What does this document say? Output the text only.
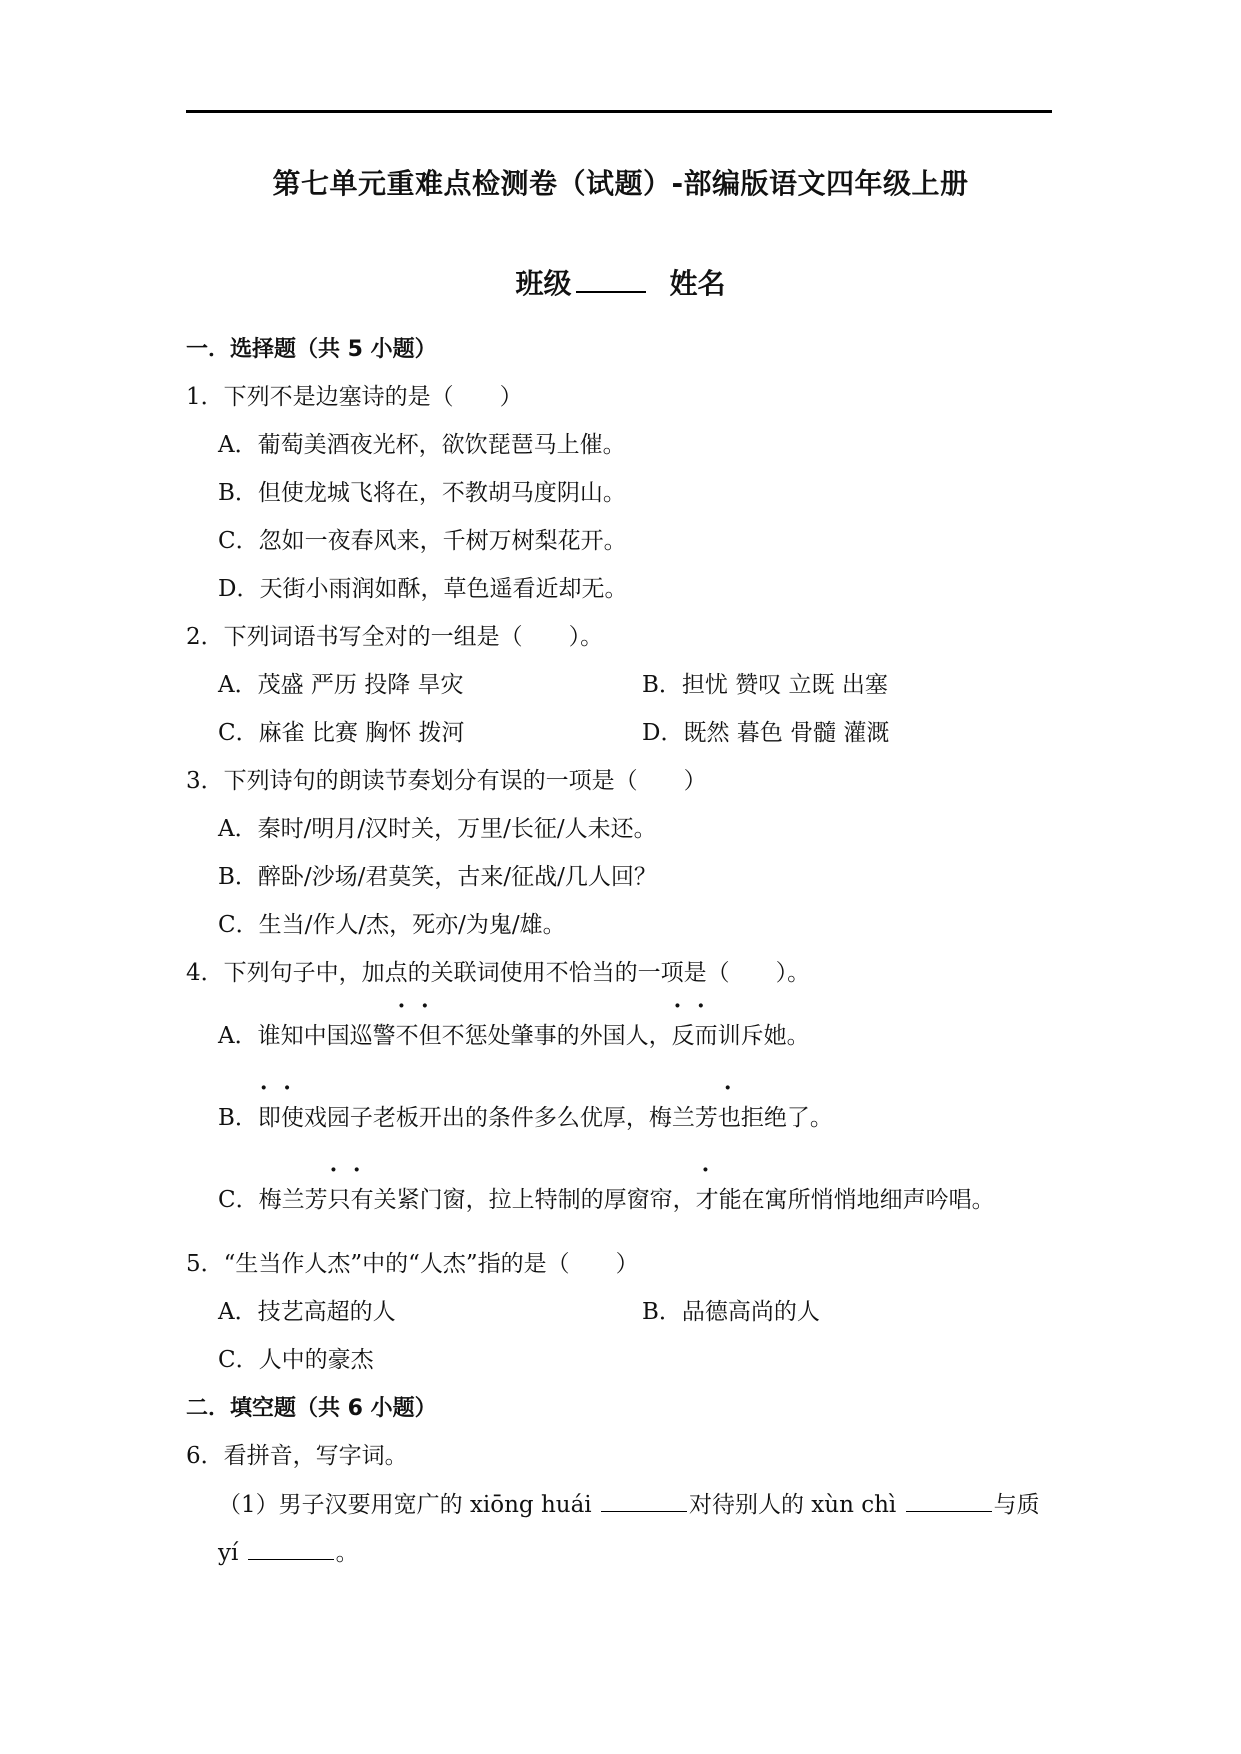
第七单元重难点检测卷（试题）-部编版语文四年级上册
班级	姓名
一．选择题（共 5 小题）
1．下列不是边塞诗的是（　　）
A．葡萄美酒夜光杯，欲饮琵琶马上催。
B．但使龙城飞将在，不教胡马度阴山。
C．忽如一夜春风来，千树万树梨花开。
D．天街小雨润如酥，草色遥看近却无。
2．下列词语书写全对的一组是（　　）。
A．茂盛 严历 投降 旱灾	B．担忧 赞叹 立既 出塞
C．麻雀 比赛 胸怀 拨河	D．既然 暮色 骨髓 灌溉
3．下列诗句的朗读节奏划分有误的一项是（　　）
A．秦时/明月/汉时关，万里/长征/人未还。
B．醉卧/沙场/君莫笑，古来/征战/几人回？
C．生当/作人/杰，死亦/为鬼/雄。
4．下列句子中，加点的关联词使用不恰当的一项是（　　）。
A．谁知中国巡警· · 不但不惩处肇事的外国人，· · 反而训斥她。
B．· · 即使戏园子老板开出的条件多么优厚，梅兰芳也拒绝了。
C．梅兰芳· · 只有关紧门窗，拉上特制的厚窗帘，才能在寓所悄悄地细声吟唱。
5．“生当作人杰”中的“人杰”指的是（　　）
A．技艺高超的人	B．品德高尚的人
C．人中的豪杰
二．填空题（共 6 小题）
6．看拼音，写字词。
（1）男子汉要用宽广的 xiōng huái	对待别人的 xùn chì	与质
yí	。
